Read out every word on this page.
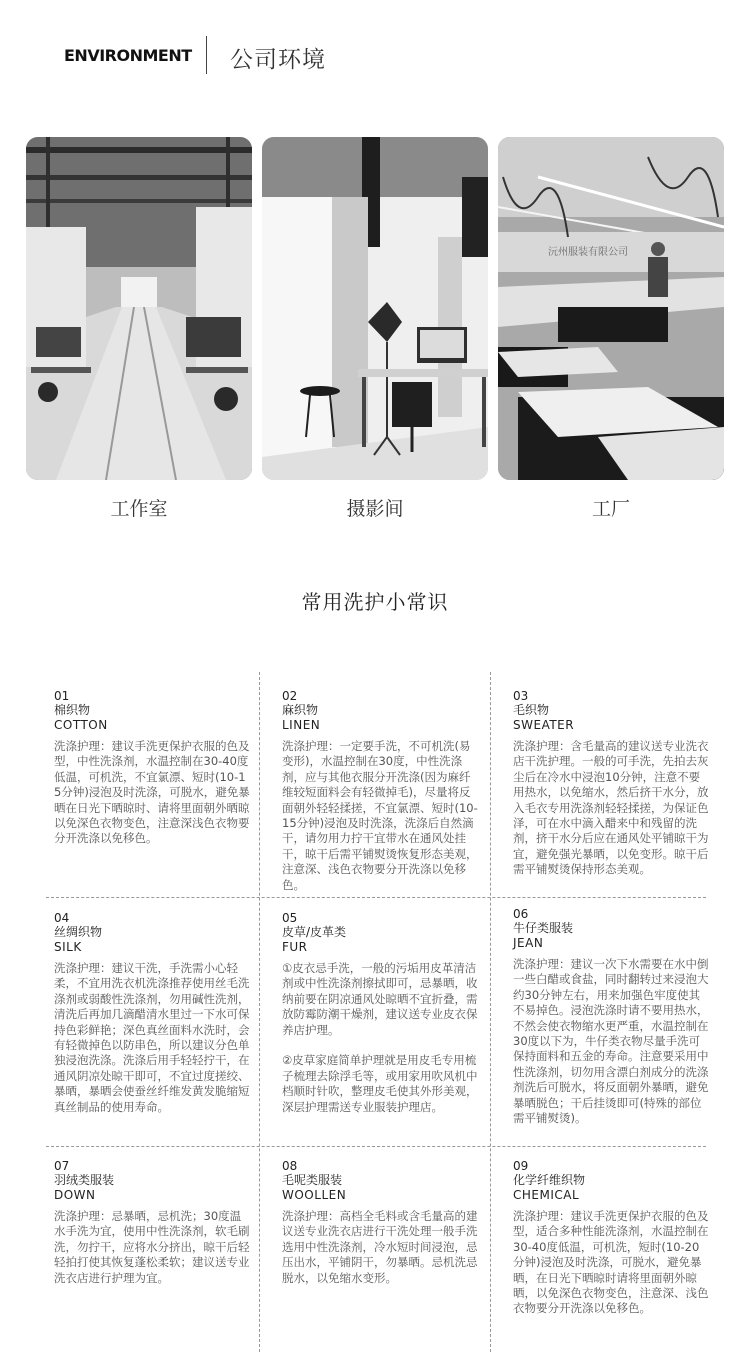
ENVIRONMENT 公司环境
沅州服装有限公司
工作室	摄影间	工厂
常用洗护小常识
01
棉织物
COTTON
洗涤护理：建议手洗更保护衣服的色及型，中性洗涤剂，水温控制在30-40度低温，可机洗，不宜氯漂、短时(10-15分钟)浸泡及时洗涤，可脱水，避免暴晒在日光下晒晾时、请将里面朝外晒晾以免深色衣物变色，注意深浅色衣物要分开洗涤以免移色。
02
麻织物
LINEN
洗涤护理：一定要手洗，不可机洗(易变形)，水温控制在30度，中性洗涤剂，应与其他衣服分开洗涤(因为麻纤维较短面料会有轻微掉毛)，尽量将反面朝外轻轻揉搓，不宜氯漂、短时(10-15分钟)浸泡及时洗涤，洗涤后自然滴干，请勿用力拧干宜带水在通风处挂干，晾干后需平铺熨烫恢复形态美观，注意深、浅色衣物要分开洗涤以免移色。
03
毛织物
SWEATER
洗涤护理：含毛量高的建议送专业洗衣店干洗护理。一般的可手洗，先拍去灰尘后在冷水中浸泡10分钟，注意不要用热水，以免缩水，然后挤干水分，放入毛衣专用洗涤剂轻轻揉搓，为保证色泽，可在水中滴入醋来中和残留的洗剂，挤干水分后应在通风处平铺晾干为宜，避免强光暴晒，以免变形。晾干后需平铺熨烫保持形态美观。
04
丝绸织物
SILK
洗涤护理：建议干洗，手洗需小心轻柔，不宜用洗衣机洗涤推荐使用丝毛洗涤剂或弱酸性洗涤剂，勿用碱性洗剂，清洗后再加几滴醋清水里过一下水可保持色彩鲜艳；深色真丝面料水洗时，会有轻微掉色以防串色，所以建议分色单独浸泡洗涤。洗涤后用手轻轻拧干，在通风阴凉处晾干即可，不宜过度搓绞、暴晒，暴晒会使蚕丝纤维发黄发脆缩短真丝制品的使用寿命。
05
皮草/皮革类
FUR
①皮衣忌手洗，一般的污垢用皮革清洁剂或中性洗涤剂擦拭即可，忌暴晒，收纳前要在阴凉通风处晾晒不宜折叠，需放防霉防潮干燥剂，建议送专业皮衣保养店护理。

②皮草家庭简单护理就是用皮毛专用梳子梳理去除浮毛等，或用家用吹风机中档顺时针吹，整理皮毛使其外形美观，深层护理需送专业服装护理店。
06
牛仔类服装
JEAN
洗涤护理：建议一次下水需要在水中倒一些白醋或食盐，同时翻转过来浸泡大约30分钟左右，用来加强色牢度使其不易掉色。浸泡洗涤时请不要用热水，不然会使衣物缩水更严重，水温控制在30度以下为，牛仔类衣物尽量手洗可保持面料和五金的寿命。注意要采用中性洗涤剂，切勿用含漂白剂成分的洗涤剂洗后可脱水，将反面朝外暴晒，避免暴晒脱色；干后挂烫即可(特殊的部位需平铺熨烫)。
07
羽绒类服装
DOWN
洗涤护理：忌暴晒，忌机洗；30度温水手洗为宜，使用中性洗涤剂，软毛刷洗，勿拧干，应将水分挤出，晾干后轻轻拍打使其恢复蓬松柔软；建议送专业洗衣店进行护理为宜。
08
毛呢类服装
WOOLLEN
洗涤护理：高档全毛料或含毛量高的建议送专业洗衣店进行干洗处理一般手洗选用中性洗涤剂，冷水短时间浸泡，忌压出水，平铺阴干，勿暴晒。忌机洗忌脱水，以免缩水变形。
09
化学纤维织物
CHEMICAL
洗涤护理：建议手洗更保护衣服的色及型，适合多种性能洗涤剂，水温控制在30-40度低温，可机洗，短时(10-20分钟)浸泡及时洗涤，可脱水，避免暴晒，在日光下晒晾时请将里面朝外晾晒，以免深色衣物变色，注意深、浅色衣物要分开洗涤以免移色。
